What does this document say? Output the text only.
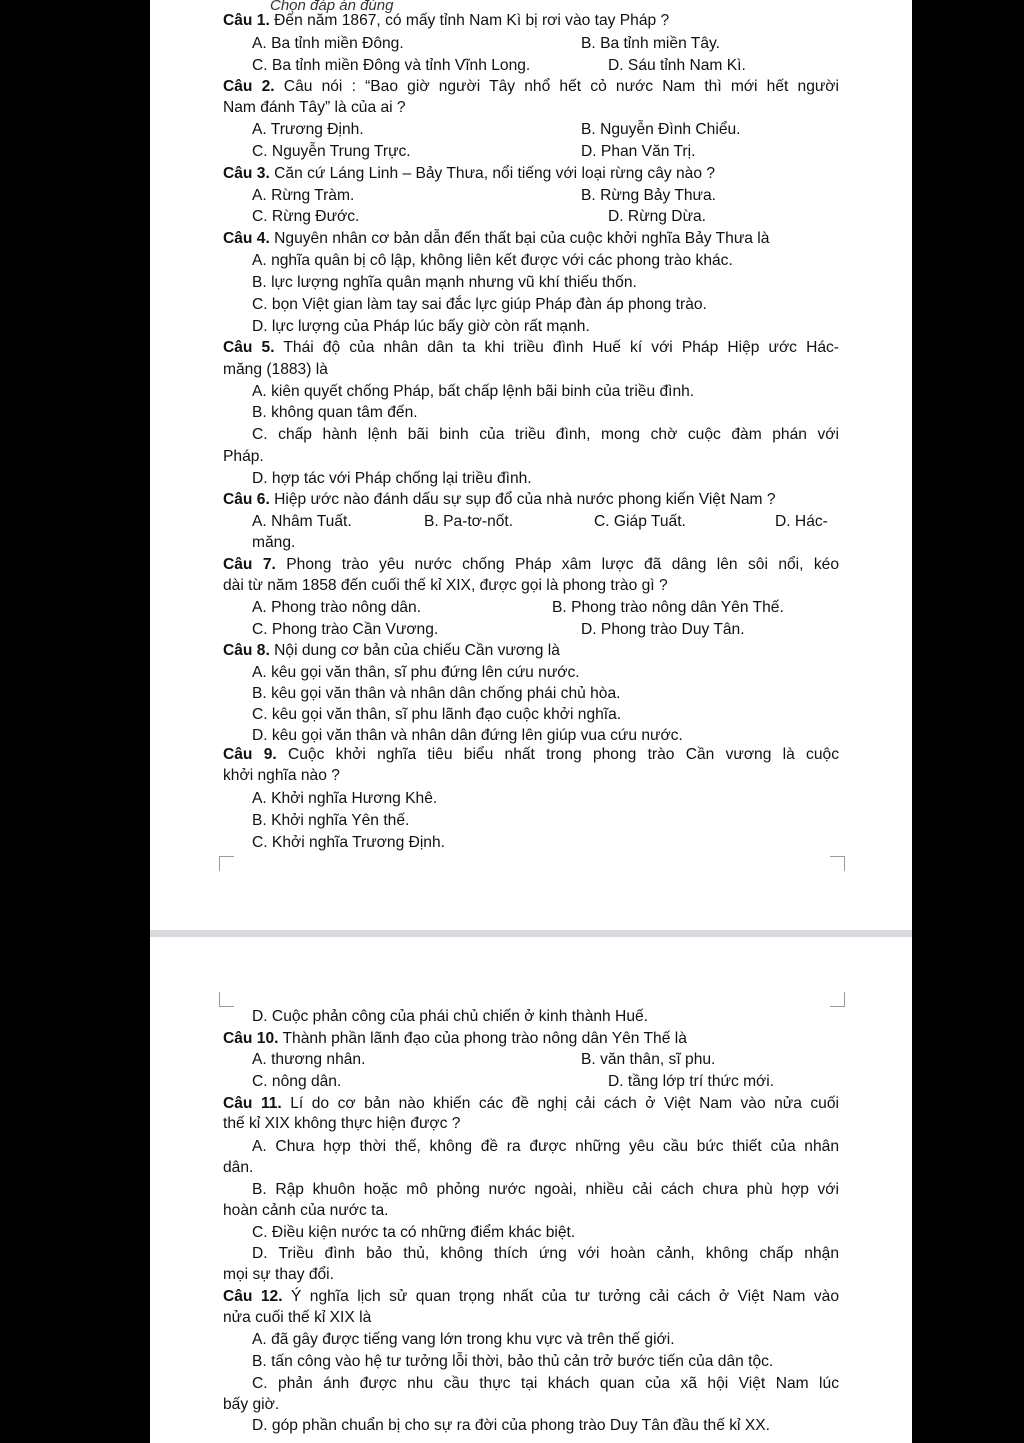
Chọn đáp án đúng
Câu 1. Đến năm 1867, có mấy tỉnh Nam Kì bị rơi vào tay Pháp ?
A. Ba tỉnh miền Đông.	B. Ba tỉnh miền Tây.
C. Ba tỉnh miền Đông và tỉnh Vĩnh Long.	D. Sáu tỉnh Nam Kì.
Câu 2. Câu nói : “Bao giờ người Tây nhổ hết cỏ nước Nam thì mới hết người
Nam đánh Tây” là của ai ?
A. Trương Định.	B. Nguyễn Đình Chiểu.
C. Nguyễn Trung Trực.	D. Phan Văn Trị.
Câu 3. Căn cứ Láng Linh – Bảy Thưa, nổi tiếng với loại rừng cây nào ?
A. Rừng Tràm.	B. Rừng Bảy Thưa.
C. Rừng Đước.	D. Rừng Dừa.
Câu 4. Nguyên nhân cơ bản dẫn đến thất bại của cuộc khởi nghĩa Bảy Thưa là
A. nghĩa quân bị cô lập, không liên kết được với các phong trào khác.
B. lực lượng nghĩa quân mạnh nhưng vũ khí thiếu thốn.
C. bọn Việt gian làm tay sai đắc lực giúp Pháp đàn áp phong trào.
D. lực lượng của Pháp lúc bấy giờ còn rất mạnh.
Câu 5. Thái độ của nhân dân ta khi triều đình Huế kí với Pháp Hiệp ước Hác-
măng (1883) là
A. kiên quyết chống Pháp, bất chấp lệnh bãi binh của triều đình.
B. không quan tâm đến.
C. chấp hành lệnh bãi binh của triều đình, mong chờ cuộc đàm phán với
Pháp.
D. hợp tác với Pháp chống lại triều đình.
Câu 6. Hiệp ước nào đánh dấu sự sụp đổ của nhà nước phong kiến Việt Nam ?
A. Nhâm Tuất.	B. Pa-tơ-nốt.	C. Giáp Tuất.	D. Hác-
măng.
Câu 7. Phong trào yêu nước chống Pháp xâm lược đã dâng lên sôi nổi, kéo
dài từ năm 1858 đến cuối thế kỉ XIX, được gọi là phong trào gì ?
A. Phong trào nông dân.	B. Phong trào nông dân Yên Thế.
C. Phong trào Cần Vương.	D. Phong trào Duy Tân.
Câu 8. Nội dung cơ bản của chiếu Cần vương là
A. kêu gọi văn thân, sĩ phu đứng lên cứu nước.
B. kêu gọi văn thân và nhân dân chống phái chủ hòa.
C. kêu gọi văn thân, sĩ phu lãnh đạo cuộc khởi nghĩa.
D. kêu gọi văn thân và nhân dân đứng lên giúp vua cứu nước.
Câu 9. Cuộc khởi nghĩa tiêu biểu nhất trong phong trào Cần vương là cuộc
khởi nghĩa nào ?
A. Khởi nghĩa Hương Khê.
B. Khởi nghĩa Yên thế.
C. Khởi nghĩa Trương Định.
D. Cuộc phản công của phái chủ chiến ở kinh thành Huế.
Câu 10. Thành phần lãnh đạo của phong trào nông dân Yên Thế là
A. thương nhân.	B. văn thân, sĩ phu.
C. nông dân.	D. tầng lớp trí thức mới.
Câu 11. Lí do cơ bản nào khiến các đề nghị cải cách ở Việt Nam vào nửa cuối
thế kỉ XIX không thực hiện được ?
A. Chưa hợp thời thế, không đề ra được những yêu cầu bức thiết của nhân
dân.
B. Rập khuôn hoặc mô phỏng nước ngoài, nhiều cải cách chưa phù hợp với
hoàn cảnh của nước ta.
C. Điều kiện nước ta có những điểm khác biệt.
D. Triều đình bảo thủ, không thích ứng với hoàn cảnh, không chấp nhận
mọi sự thay đổi.
Câu 12. Ý nghĩa lịch sử quan trọng nhất của tư tưởng cải cách ở Việt Nam vào
nửa cuối thế kỉ XIX là
A. đã gây được tiếng vang lớn trong khu vực và trên thế giới.
B. tấn công vào hệ tư tưởng lỗi thời, bảo thủ cản trở bước tiến của dân tộc.
C. phản ánh được nhu cầu thực tại khách quan của xã hội Việt Nam lúc
bấy giờ.
D. góp phần chuẩn bị cho sự ra đời của phong trào Duy Tân đầu thế kỉ XX.
